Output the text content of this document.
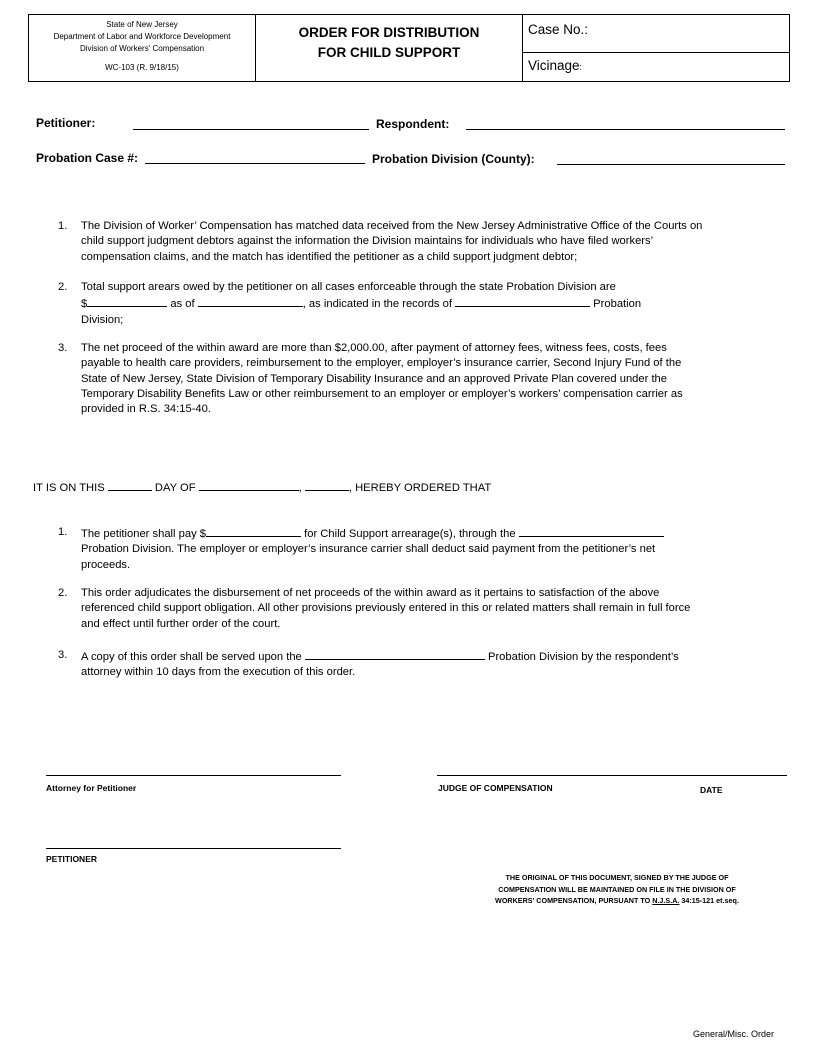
State of New Jersey
Department of Labor and Workforce Development
Division of Workers' Compensation
WC-103 (R. 9/18/15)
ORDER FOR DISTRIBUTION
FOR CHILD SUPPORT
Case No.:
Vicinage:
Petitioner:	Respondent:
Probation Case #:	Probation Division (County):
1. The Division of Worker’ Compensation has matched data received from the New Jersey Administrative Office of the Courts on child support judgment debtors against the information the Division maintains for individuals who have filed workers’ compensation claims, and the match has identified the petitioner as a child support judgment debtor;
2. Total support arears owed by the petitioner on all cases enforceable through the state Probation Division are
$	as of	, as indicated in the records of	Probation
Division;
3. The net proceed of the within award are more than $2,000.00, after payment of attorney fees, witness fees, costs, fees payable to health care providers, reimbursement to the employer, employer’s insurance carrier, Second Injury Fund of the State of New Jersey, State Division of Temporary Disability Insurance and an approved Private Plan covered under the Temporary Disability Benefits Law or other reimbursement to an employer or employer’s workers’ compensation carrier as provided in R.S. 34:15-40.
IT IS ON THIS	DAY OF	,	, HEREBY ORDERED THAT
1. The petitioner shall pay $	for Child Support arrearage(s), through the
Probation Division. The employer or employer’s insurance carrier shall deduct said payment from the petitioner’s net proceeds.
2. This order adjudicates the disbursement of net proceeds of the within award as it pertains to satisfaction of the above referenced child support obligation. All other provisions previously entered in this or related matters shall remain in full force and effect until further order of the court.
3. A copy of this order shall be served upon the	Probation Division by the respondent’s
attorney within 10 days from the execution of this order.
Attorney for Petitioner	JUDGE OF COMPENSATION	DATE
PETITIONER
THE ORIGINAL OF THIS DOCUMENT, SIGNED BY THE JUDGE OF
COMPENSATION WILL BE MAINTAINED ON FILE IN THE DIVISION OF
WORKERS' COMPENSATION, PURSUANT TO N.J.S.A. 34:15-121 et.seq.
General/Misc. Order
